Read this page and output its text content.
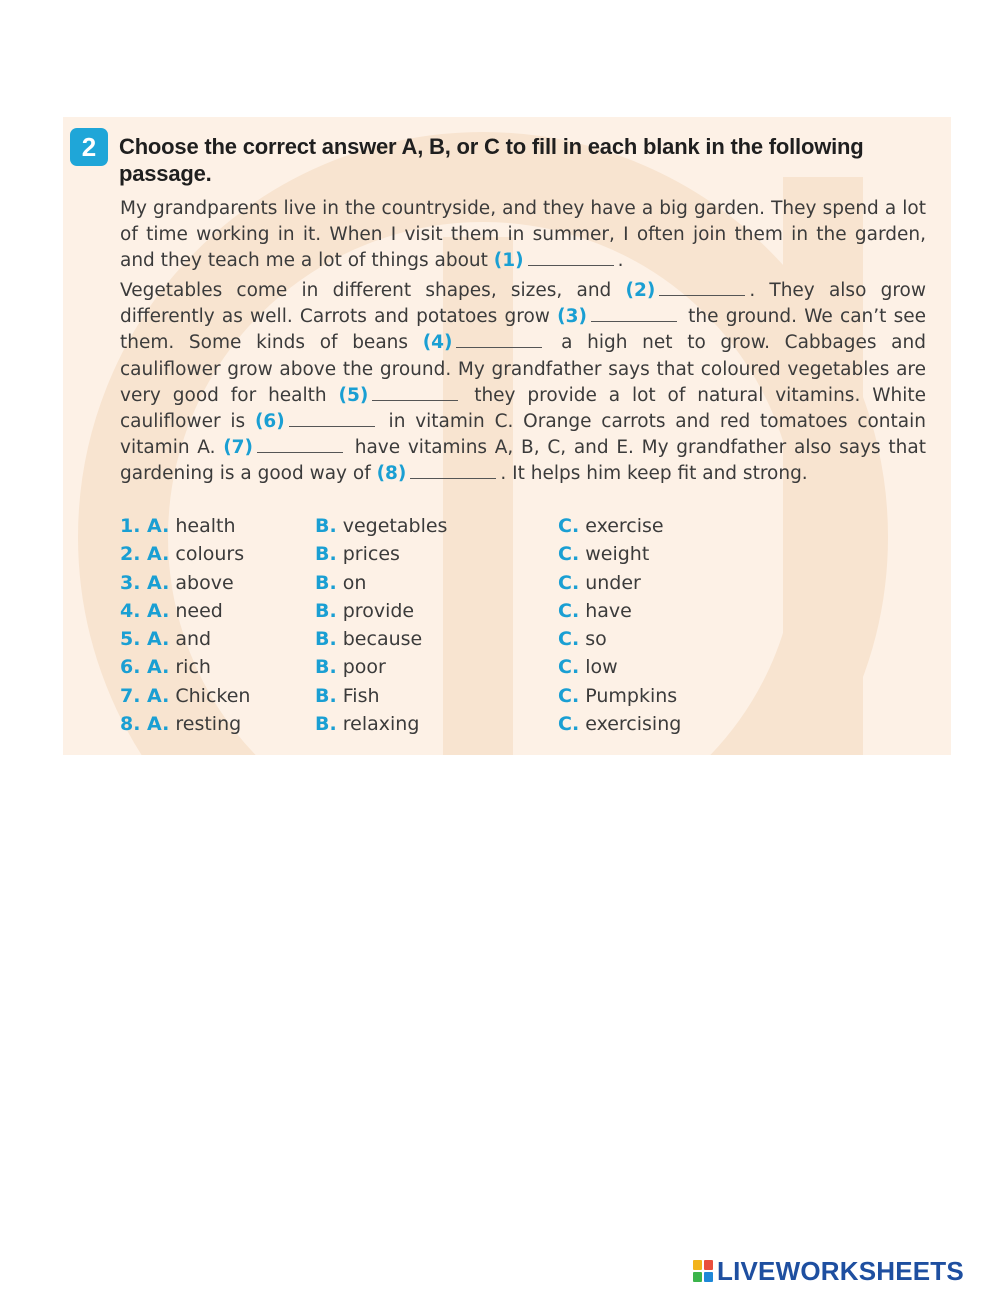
2	Choose the correct answer A, B, or C to fill in each blank in the following passage.

My grandparents live in the countryside, and they have a big garden. They spend a lot of time working in it. When I visit them in summer, I often join them in the garden, and they teach me a lot of things about (1)	.

Vegetables come in different shapes, sizes, and (2)	. They also grow differently as well. Carrots and potatoes grow (3)	the ground. We can’t see them. Some kinds of beans (4)	a high net to grow. Cabbages and cauliflower grow above the ground. My grandfather says that coloured vegetables are very good for health (5)	they provide a lot of natural vitamins. White cauliflower is (6)	in vitamin C. Orange carrots and red tomatoes contain vitamin A. (7)	have vitamins A, B, C, and E. My grandfather also says that gardening is a good way of (8)	. It helps him keep fit and strong.

1. A. health	B. vegetables	C. exercise
2. A. colours	B. prices	C. weight
3. A. above	B. on	C. under
4. A. need	B. provide	C. have
5. A. and	B. because	C. so
6. A. rich	B. poor	C. low
7. A. Chicken	B. Fish	C. Pumpkins
8. A. resting	B. relaxing	C. exercising
LIVEWORKSHEETS
